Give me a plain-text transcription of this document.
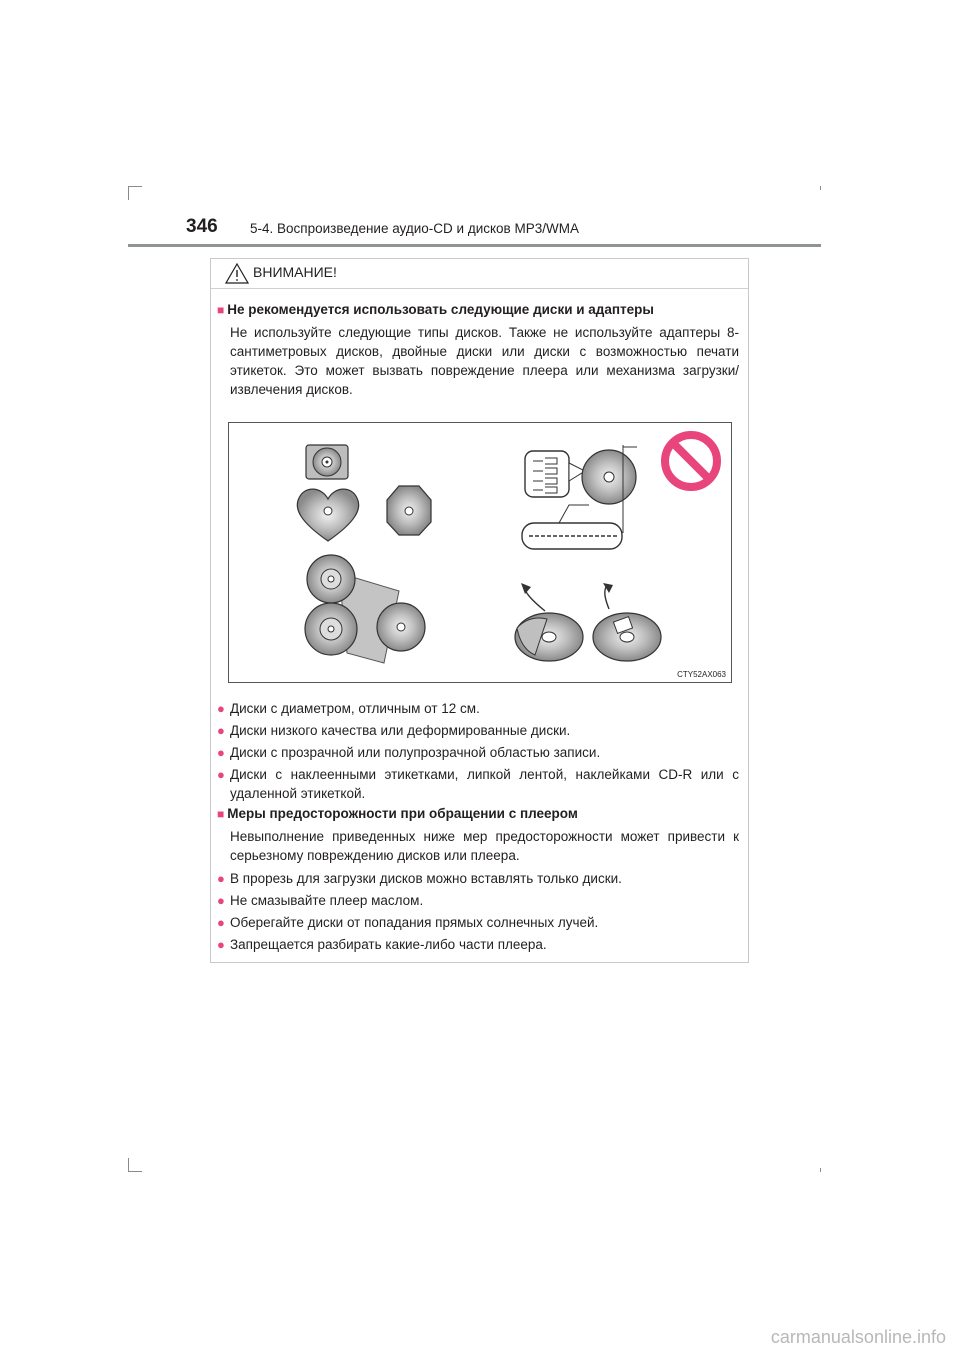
346 5-4. Воспроизведение аудио-CD и дисков MP3/WMA
ВНИМАНИЕ!
■ Не рекомендуется использовать следующие диски и адаптеры
Не используйте следующие типы дисков. Также не используйте адаптеры 8-сантиметровых дисков, двойные диски или диски с возможностью печати этикеток. Это может вызвать повреждение плеера или механизма загрузки/извлечения дисков.
● Диски с диаметром, отличным от 12 см.
● Диски низкого качества или деформированные диски.
● Диски с прозрачной или полупрозрачной областью записи.
● Диски с наклеенными этикетками, липкой лентой, наклейками CD-R или с удаленной этикеткой.
■ Меры предосторожности при обращении с плеером
Невыполнение приведенных ниже мер предосторожности может привести к серьезному повреждению дисков или плеера.
● В прорезь для загрузки дисков можно вставлять только диски.
● Не смазывайте плеер маслом.
● Оберегайте диски от попадания прямых солнечных лучей.
● Запрещается разбирать какие-либо части плеера.
CTY52AX063
carmanualsonline.info
